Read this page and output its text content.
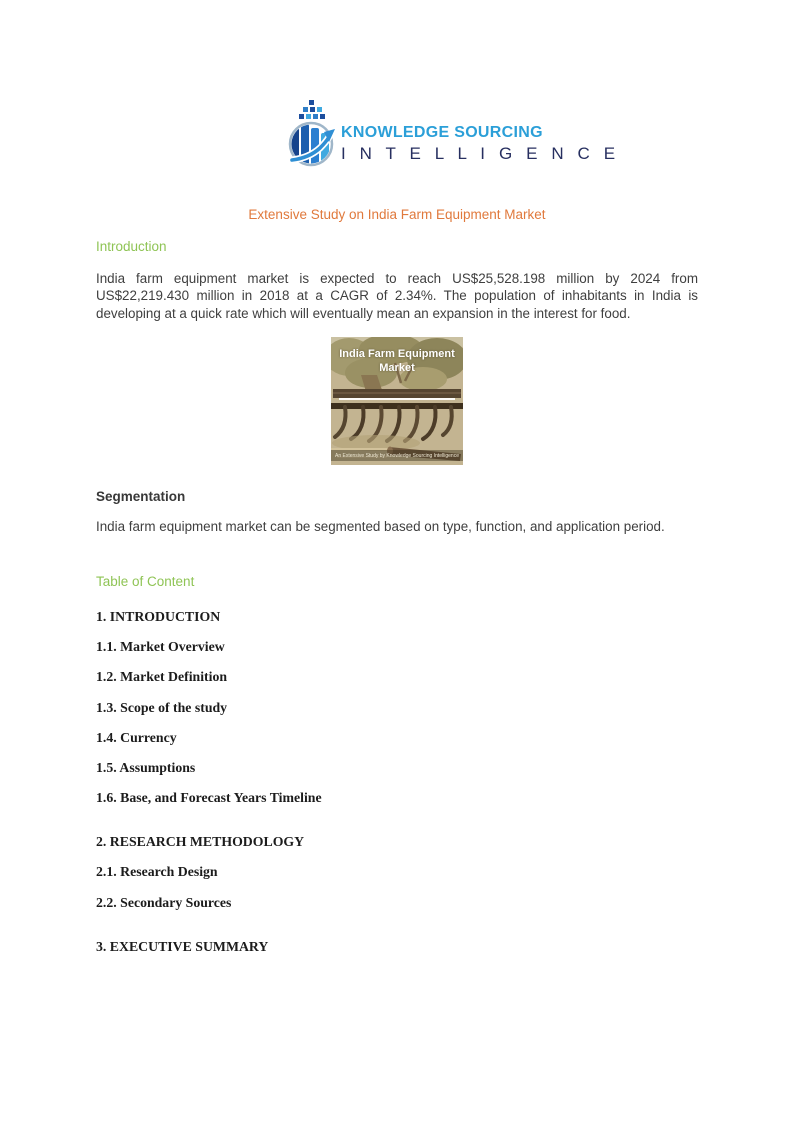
KNOWLEDGE SOURCING
I N T E L L I G E N C E
Extensive Study on India Farm Equipment Market
Introduction
India farm equipment market is expected to reach US$25,528.198 million by 2024 from US$22,219.430 million in 2018 at a CAGR of 2.34%. The population of inhabitants in India is developing at a quick rate which will eventually mean an expansion in the interest for food.
India Farm Equipment
Market
An Extensive Study by Knowledge Sourcing Intelligence
Segmentation
India farm equipment market can be segmented based on type, function, and application period.
Table of Content
1. INTRODUCTION
1.1. Market Overview
1.2. Market Definition
1.3. Scope of the study
1.4. Currency
1.5. Assumptions
1.6. Base, and Forecast Years Timeline
2. RESEARCH METHODOLOGY
2.1. Research Design
2.2. Secondary Sources
3. EXECUTIVE SUMMARY
